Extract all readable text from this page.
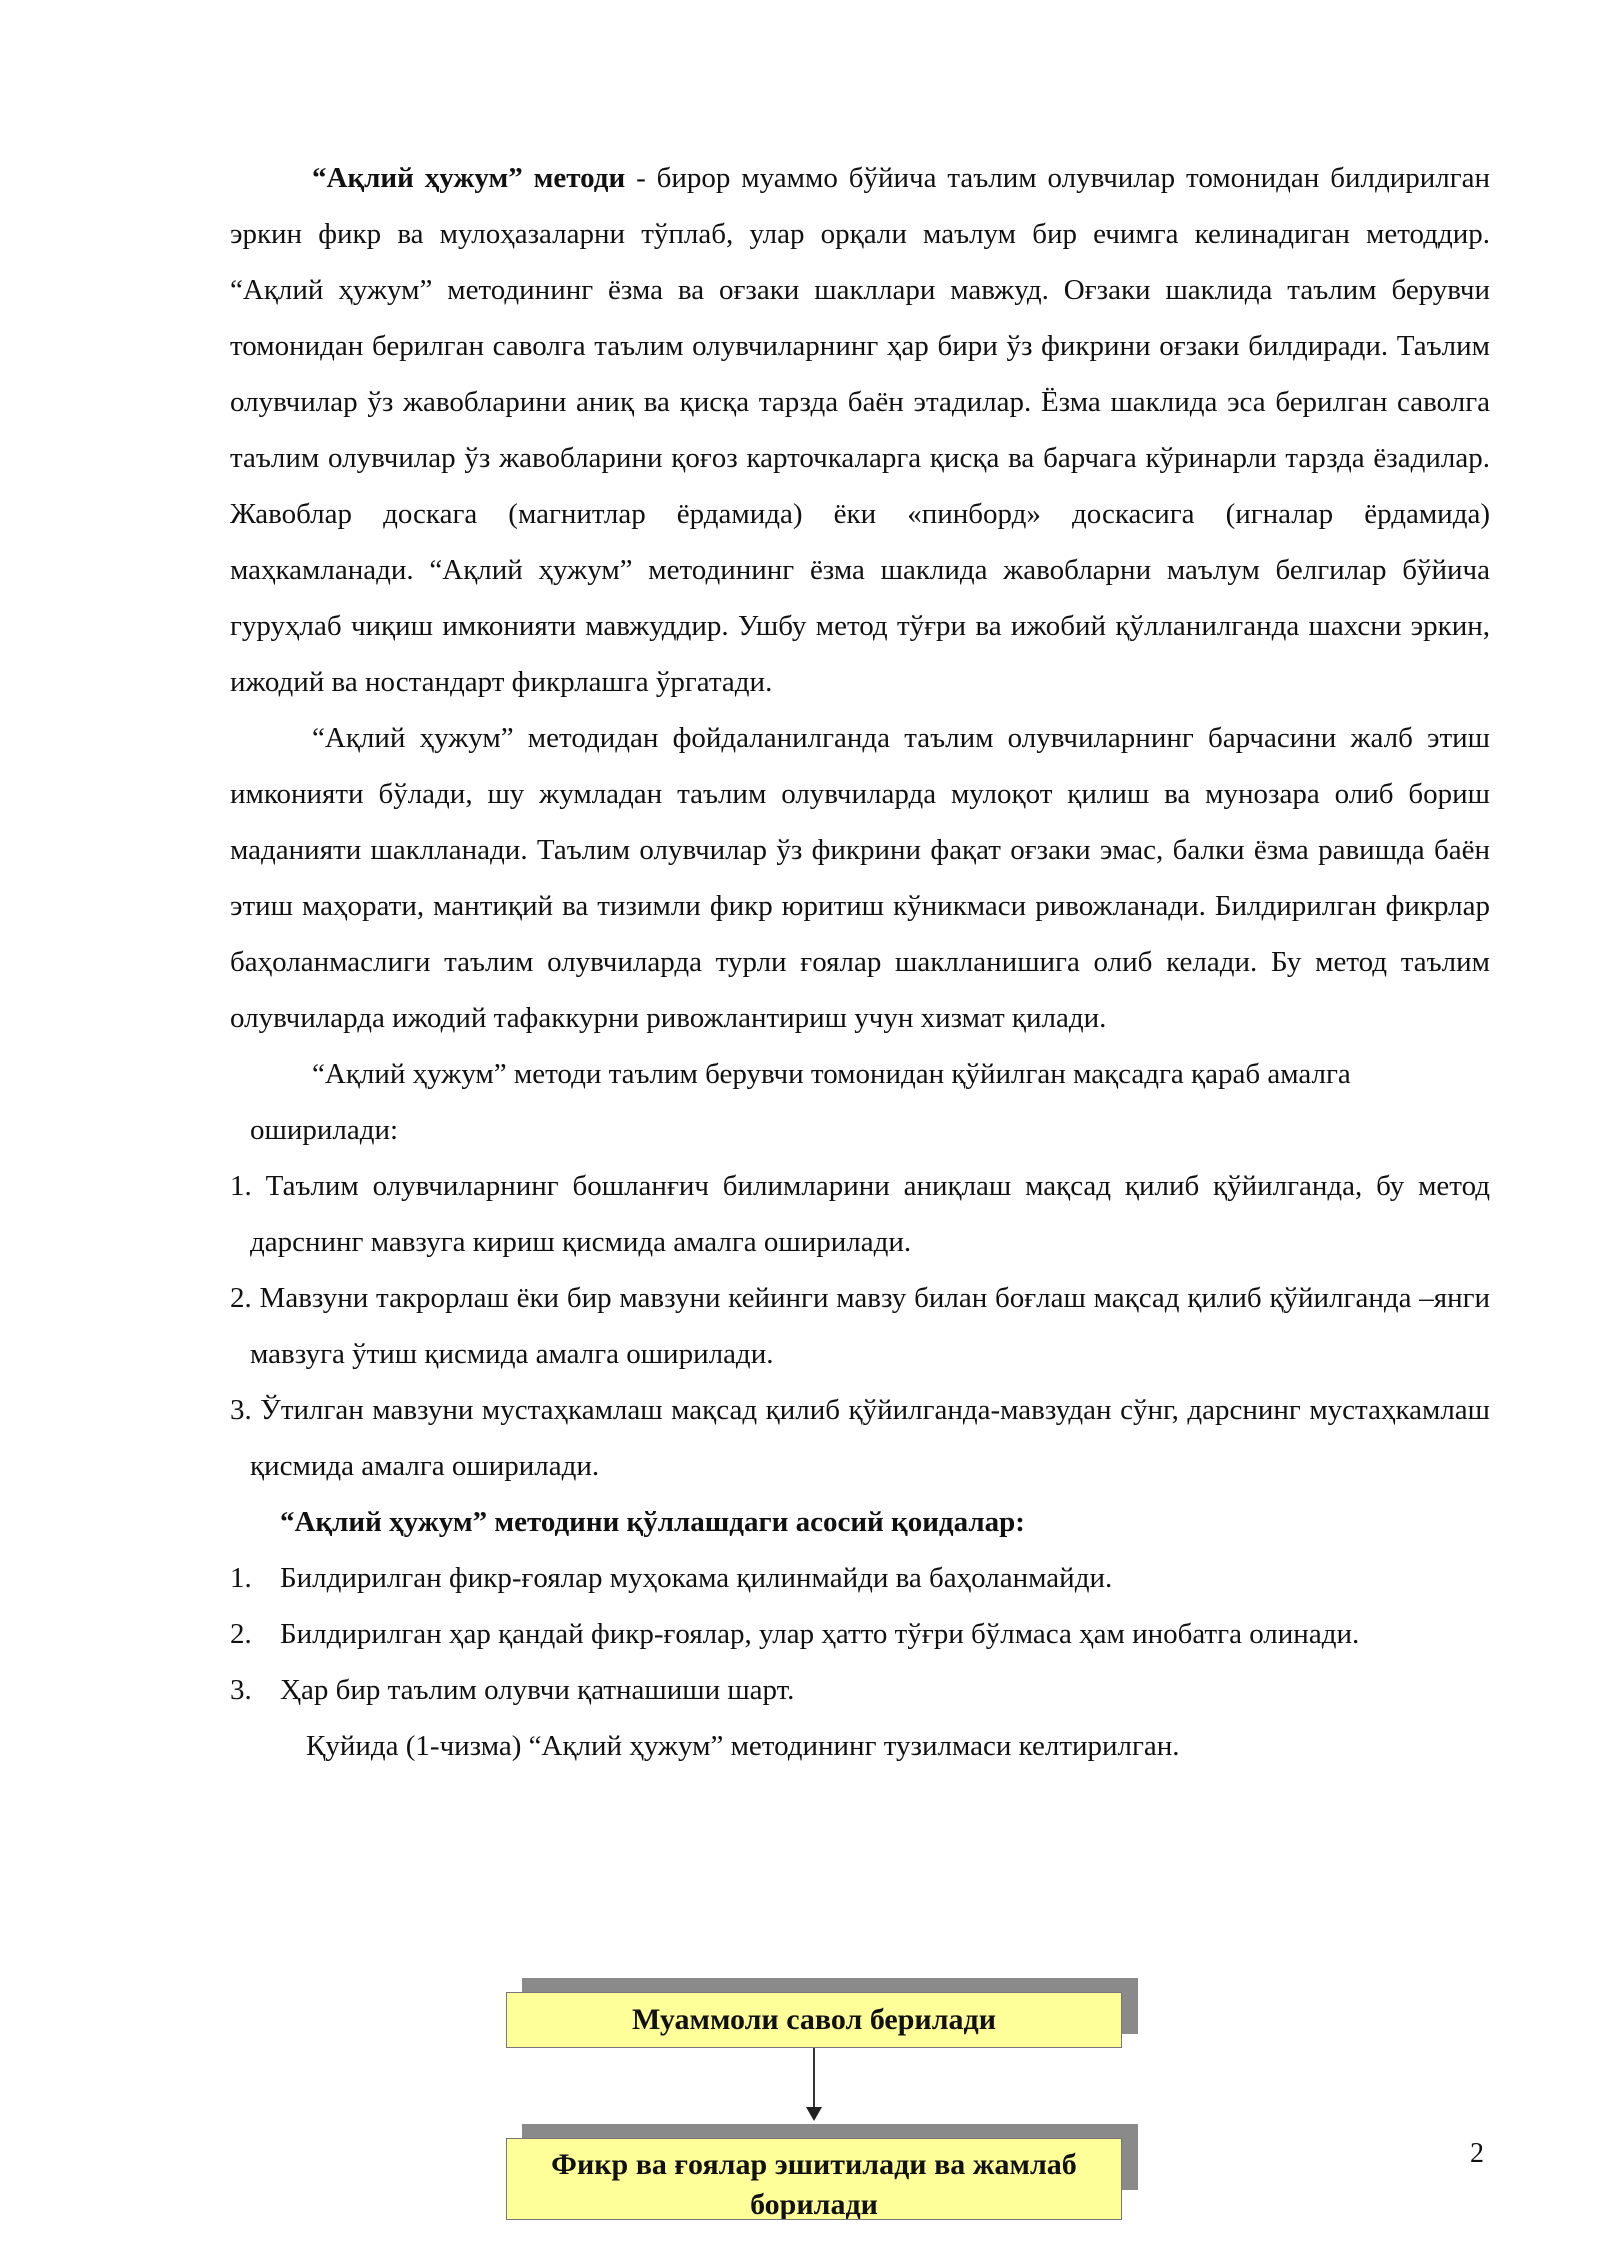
“Ақлий ҳужум” методи - бирор муаммо бўйича таълим олувчилар томонидан билдирилган эркин фикр ва мулоҳазаларни тўплаб, улар орқали маълум бир ечимга келинадиган методдир. “Ақлий ҳужум” методининг ёзма ва оғзаки шакллари мавжуд. Оғзаки шаклида таълим берувчи томонидан берилган саволга таълим олувчиларнинг ҳар бири ўз фикрини оғзаки билдиради. Таълим олувчилар ўз жавобларини аниқ ва қисқа тарзда баён этадилар. Ёзма шаклида эса берилган саволга таълим олувчилар ўз жавобларини қоғоз карточкаларга қисқа ва барчага кўринарли тарзда ёзадилар. Жавоблар доскага (магнитлар ёрдамида) ёки «пинборд» доскасига (игналар ёрдамида) маҳкамланади. “Ақлий ҳужум” методининг ёзма шаклида жавобларни маълум белгилар бўйича гуруҳлаб чиқиш имконияти мавжуддир. Ушбу метод тўғри ва ижобий қўлланилганда шахсни эркин, ижодий ва ностандарт фикрлашга ўргатади.

“Ақлий ҳужум” методидан фойдаланилганда таълим олувчиларнинг барчасини жалб этиш имконияти бўлади, шу жумладан таълим олувчиларда мулоқот қилиш ва мунозара олиб бориш маданияти шаклланади. Таълим олувчилар ўз фикрини фақат оғзаки эмас, балки ёзма равишда баён этиш маҳорати, мантиқий ва тизимли фикр юритиш кўникмаси ривожланади. Билдирилган фикрлар баҳоланмаслиги таълим олувчиларда турли ғоялар шаклланишига олиб келади. Бу метод таълим олувчиларда ижодий тафаккурни ривожлантириш учун хизмат қилади.

“Ақлий ҳужум” методи таълим берувчи томонидан қўйилган мақсадга қараб амалга

оширилади:

1. Таълим олувчиларнинг бошланғич билимларини аниқлаш мақсад қилиб қўйилганда, бу метод дарснинг мавзуга кириш қисмида амалга оширилади.
2. Мавзуни такрорлаш ёки бир мавзуни кейинги мавзу билан боғлаш мақсад қилиб қўйилганда –янги мавзуга ўтиш қисмида амалга оширилади.
3. Ўтилган мавзуни мустаҳкамлаш мақсад қилиб қўйилганда-мавзудан сўнг, дарснинг мустаҳкамлаш қисмида амалга оширилади.

“Ақлий ҳужум” методини қўллашдаги асосий қоидалар:

1. Билдирилган фикр-ғоялар муҳокама қилинмайди ва баҳоланмайди.
2. Билдирилган ҳар қандай фикр-ғоялар, улар ҳатто тўғри бўлмаса ҳам инобатга олинади.
3. Ҳар бир таълим олувчи қатнашиши шарт.

Қуйида (1-чизма) “Ақлий ҳужум” методининг тузилмаси келтирилган.

Муаммоли савол берилади
Фикр ва ғоялар эшитилади ва жамлаб борилади
2
